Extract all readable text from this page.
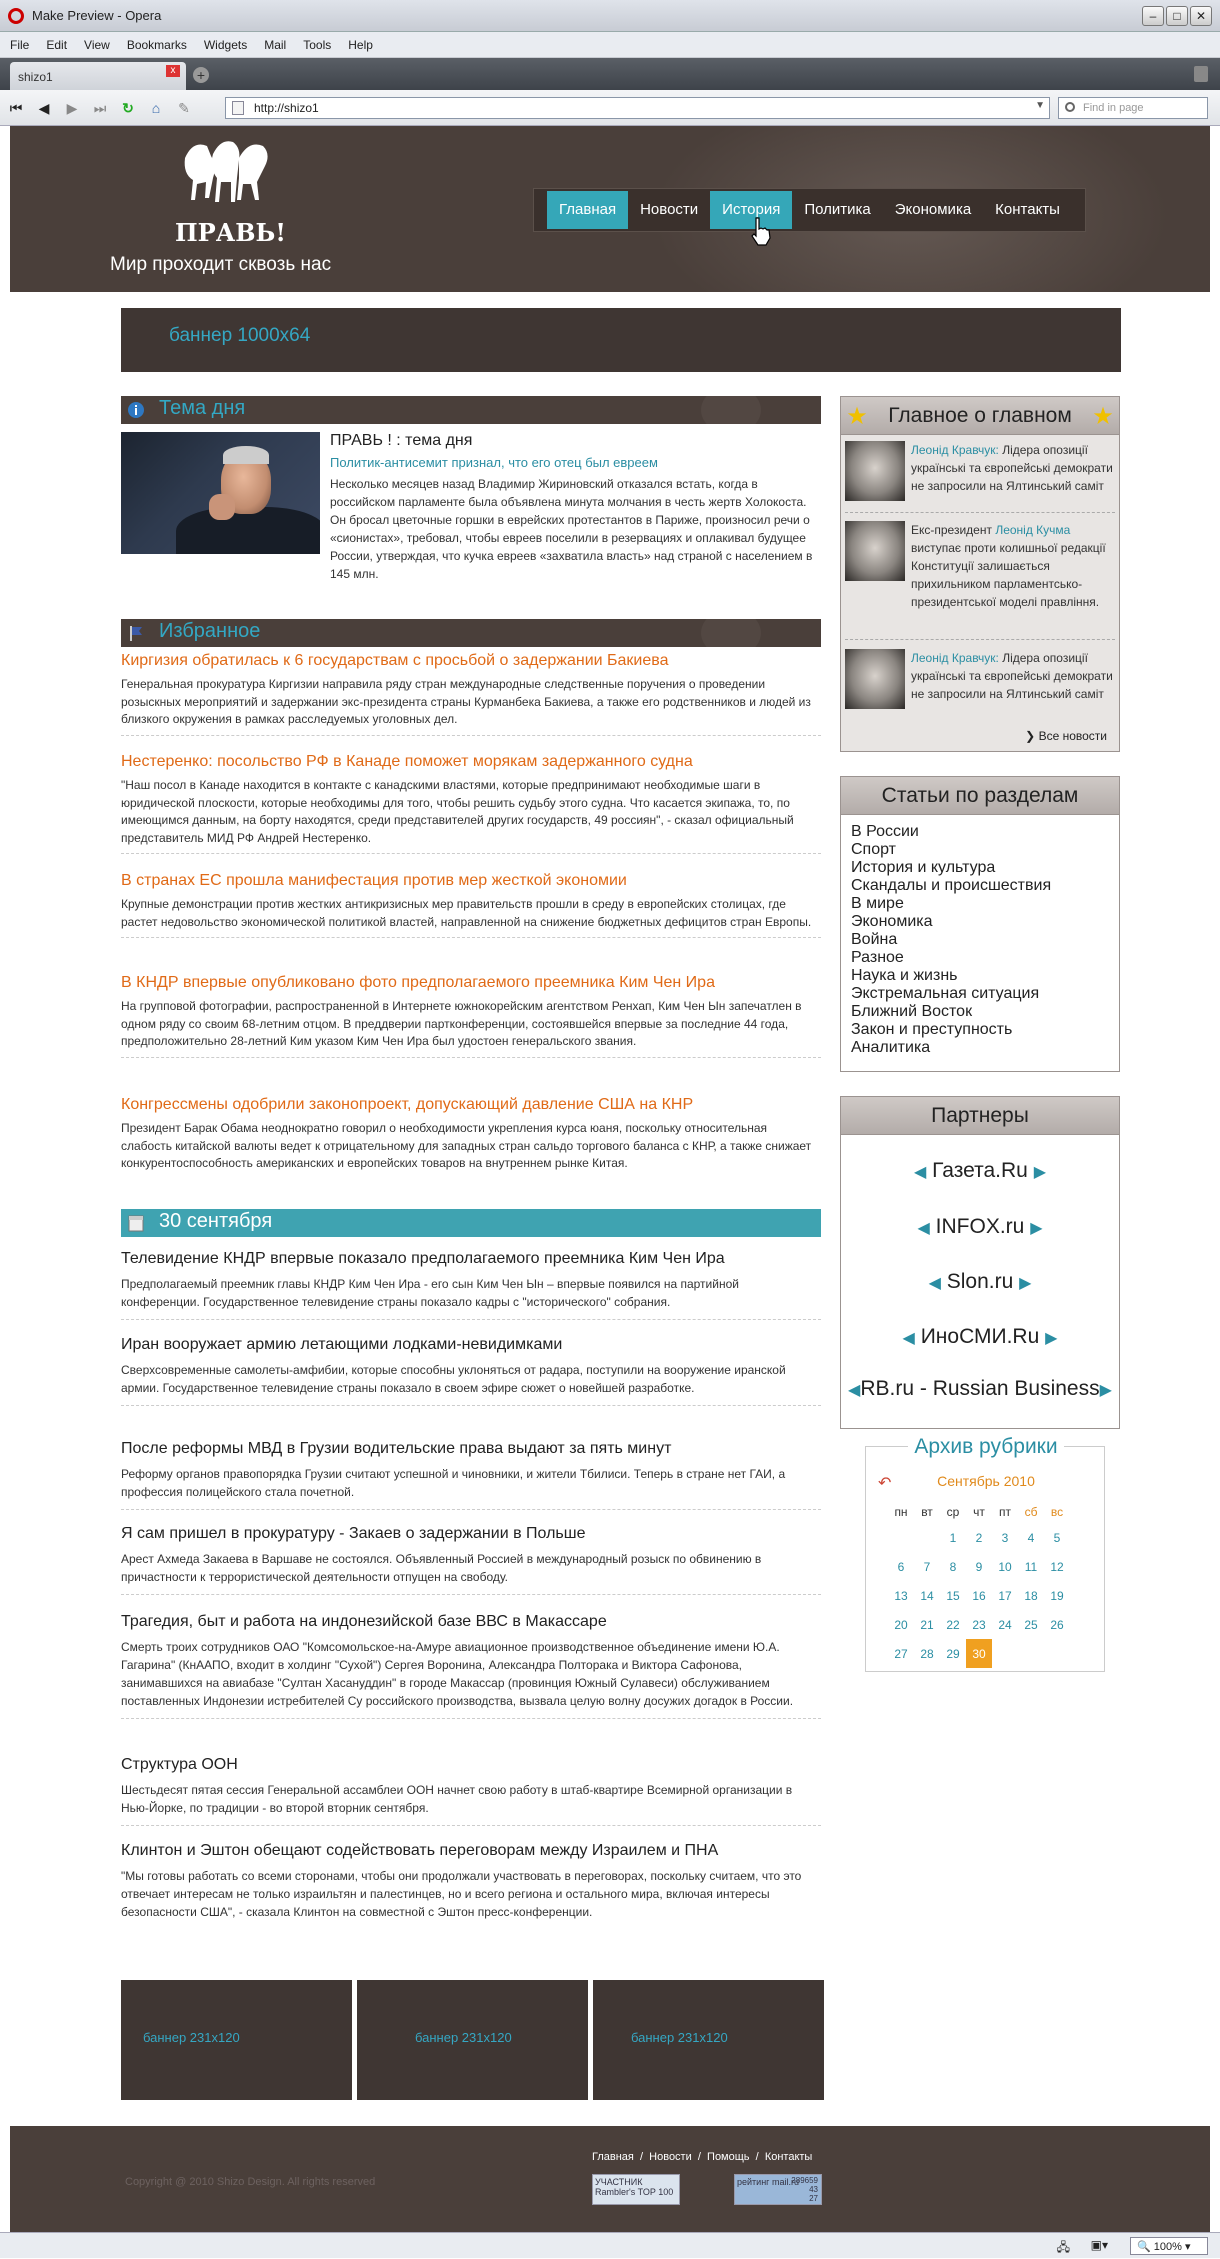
Make Preview - Opera	–	□	✕
File Edit View Bookmarks Widgets Mail Tools Help
shizo1	x	+
⏮	◀	▶	⏭	↻	⌂	✎	http://shizo1	▼	Find in page
ПРАВЬ!
Мир проходит сквозь нас
Главная	Новости	История	Политика	Экономика	Контакты
баннер 1000x64
Тема дня
ПРАВЬ ! : тема дня
Политик-антисемит признал, что его отец был евреем
Несколько месяцев назад Владимир Жириновский отказался встать, когда в российском парламенте была объявлена минута молчания в честь жертв Холокоста. Он бросал цветочные горшки в еврейских протестантов в Париже, произносил речи о «сионистах», требовал, чтобы евреев поселили в резервациях и оплакивал будущее России, утверждая, что кучка евреев «захватила власть» над страной с населением в 145 млн.
Избранное
Киргизия обратилась к 6 государствам с просьбой о задержании Бакиева
Генеральная прокуратура Киргизии направила ряду стран международные следственные поручения о проведении розыскных мероприятий и задержании экс-президента страны Курманбека Бакиева, а также его родственников и людей из близкого окружения в рамках расследуемых уголовных дел.
Нестеренко: посольство РФ в Канаде поможет морякам задержанного судна
"Наш посол в Канаде находится в контакте с канадскими властями, которые предпринимают необходимые шаги в юридической плоскости, которые необходимы для того, чтобы решить судьбу этого судна. Что касается экипажа, то, по имеющимся данным, на борту находятся, среди представителей других государств, 49 россиян", - сказал официальный представитель МИД РФ Андрей Нестеренко.
В странах ЕС прошла манифестация против мер жесткой экономии
Крупные демонстрации против жестких антикризисных мер правительств прошли в среду в европейских столицах, где растет недовольство экономической политикой властей, направленной на снижение бюджетных дефицитов стран Европы.
В КНДР впервые опубликовано фото предполагаемого преемника Ким Чен Ира
На групповой фотографии, распространенной в Интернете южнокорейским агентством Ренхап, Ким Чен Ын запечатлен в одном ряду со своим 68-летним отцом. В преддверии партконференции, состоявшейся впервые за последние 44 года, предположительно 28-летний Ким указом Ким Чен Ира был удостоен генеральского звания.
Конгрессмены одобрили законопроект, допускающий давление США на КНР
Президент Барак Обама неоднократно говорил о необходимости укрепления курса юаня, поскольку относительная слабость китайской валюты ведет к отрицательному для западных стран сальдо торгового баланса с КНР, а также снижает конкурентоспособность американских и европейских товаров на внутреннем рынке Китая.
30 сентября
Телевидение КНДР впервые показало предполагаемого преемника Ким Чен Ира
Предполагаемый преемник главы КНДР Ким Чен Ира - его сын Ким Чен Ын – впервые появился на партийной конференции. Государственное телевидение страны показало кадры с "исторического" собрания.
Иран вооружает армию летающими лодками-невидимками
Сверхсовременные самолеты-амфибии, которые способны уклоняться от радара, поступили на вооружение иранской армии. Государственное телевидение страны показало в своем эфире сюжет о новейшей разработке.
После реформы МВД в Грузии водительские права выдают за пять минут
Реформу органов правопорядка Грузии считают успешной и чиновники, и жители Тбилиси. Теперь в стране нет ГАИ, а профессия полицейского стала почетной.
Я сам пришел в прокуратуру - Закаев о задержании в Польше
Арест Ахмеда Закаева в Варшаве не состоялся. Объявленный Россией в международный розыск по обвинению в причастности к террористической деятельности отпущен на свободу.
Трагедия, быт и работа на индонезийской базе ВВС в Макассаре
Смерть троих сотрудников ОАО "Комсомольское-на-Амуре авиационное производственное объединение имени Ю.А. Гагарина" (КнААПО, входит в холдинг "Сухой") Сергея Воронина, Александра Полторака и Виктора Сафонова, занимавшихся на авиабазе "Султан Хасануддин" в городе Макассар (провинция Южный Сулавеси) обслуживанием поставленных Индонезии истребителей Су российского производства, вызвала целую волну досужих догадок в России.
Структура ООН
Шестьдесят пятая сессия Генеральной ассамблеи ООН начнет свою работу в штаб-квартире Всемирной организации в Нью-Йорке, по традиции - во второй вторник сентября.
Клинтон и Эштон обещают содействовать переговорам между Израилем и ПНА
"Мы готовы работать со всеми сторонами, чтобы они продолжали участвовать в переговорах, поскольку считаем, что это отвечает интересам не только израильтян и палестинцев, но и всего региона и остального мира, включая интересы безопасности США", - сказала Клинтон на совместной с Эштон пресс-конференции.
баннер 231x120	баннер 231x120	баннер 231x120
★ Главное о главном ★
Леонід Кравчук: Лідера опозиції українські та європейські демократи не запросили на Ялтинський саміт
Екс-президент Леонід Кучма виступає проти колишньої редакції Конституції залишається прихильником парламентсько-президентської моделі правління.
Леонід Кравчук: Лідера опозиції українські та європейські демократи не запросили на Ялтинський саміт
❯ Все новости
Статьи по разделам
В России
Спорт
История и культура
Скандалы и происшествия
В мире
Экономика
Война
Разное
Наука и жизнь
Экстремальная ситуация
Ближний Восток
Закон и преступность
Аналитика
Партнеры
◀ Газета.Ru ▶
◀ INFOX.ru ▶
◀ Slon.ru ▶
◀ ИноСМИ.Ru ▶
◀RB.ru - Russian Business▶
Архив рубрики
↶	Сентябрь 2010
пн	вт	ср	чт	пт	сб	вс
		1	2	3	4	5
6	7	8	9	10	11	12
13	14	15	16	17	18	19
20	21	22	23	24	25	26
27	28	29	30			
Главная  /  Новости  /  Помощь  /  Контакты
Copyright @ 2010 Shizo Design. All rights reserved	УЧАСТНИК Rambler's TOP 100
рейтинг mail.ru
289659
43
27
🖧 ▣▾	🔍 100% ▾
